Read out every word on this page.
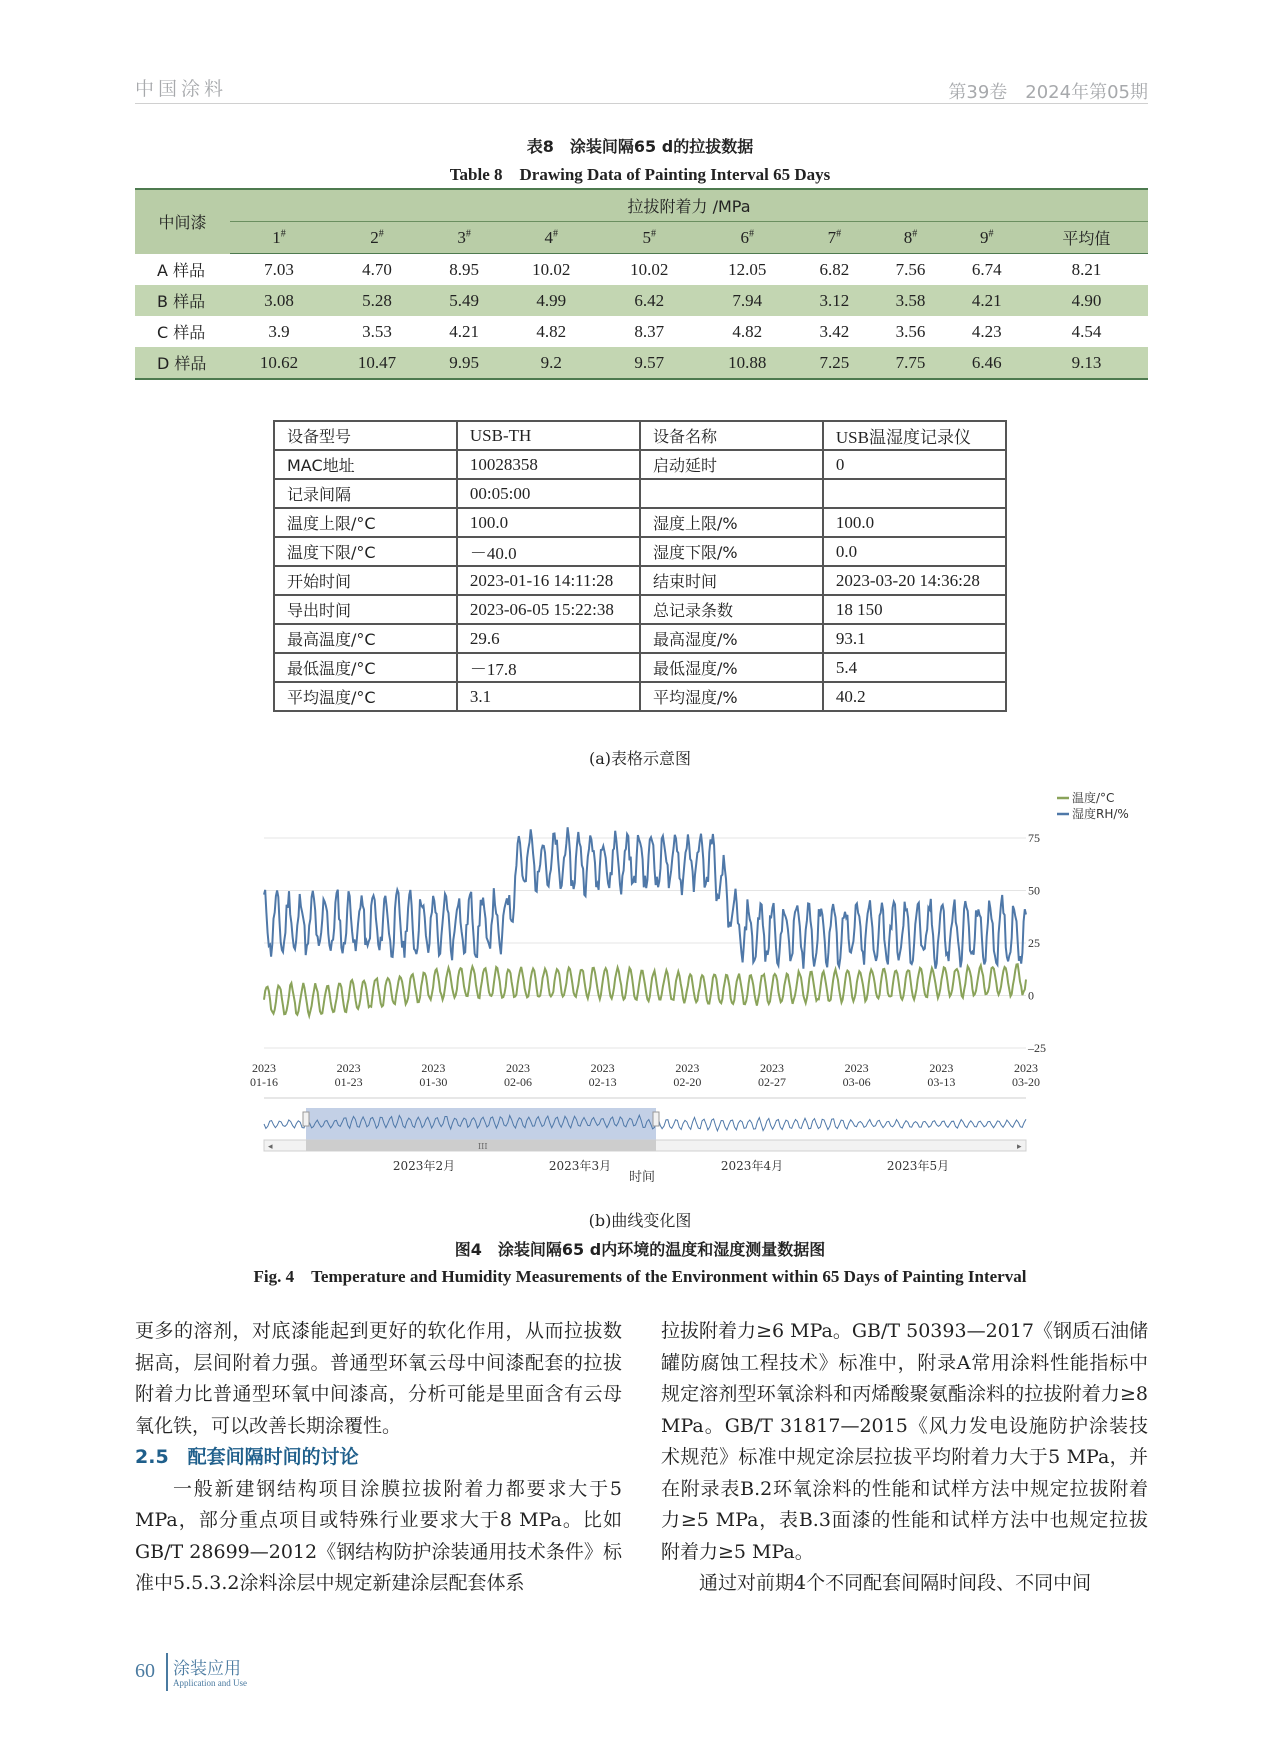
中国涂料	第39卷 2024年第05期
表8　涂装间隔65 d的拉拔数据
Table 8　Drawing Data of Painting Interval 65 Days
中间漆	拉拔附着力 /MPa									
	1#	2#	3#	4#	5#	6#	7#	8#	9#	平均值
A 样品	7.03	4.70	8.95	10.02	10.02	12.05	6.82	7.56	6.74	8.21
B 样品	3.08	5.28	5.49	4.99	6.42	7.94	3.12	3.58	4.21	4.90
C 样品	3.9	3.53	4.21	4.82	8.37	4.82	3.42	3.56	4.23	4.54
D 样品	10.62	10.47	9.95	9.2	9.57	10.88	7.25	7.75	6.46	9.13
设备型号	USB-TH	设备名称	USB温湿度记录仪
MAC地址	10028358	启动延时	0
记录间隔	00:05:00		
温度上限/°C	100.0	湿度上限/%	100.0
温度下限/°C	－40.0	湿度下限/%	0.0
开始时间	2023-01-16 14:11:28	结束时间	2023-03-20 14:36:28
导出时间	2023-06-05 15:22:38	总记录条数	18 150
最高温度/°C	29.6	最高湿度/%	93.1
最低温度/°C	－17.8	最低湿度/%	5.4
平均温度/°C	3.1	平均湿度/%	40.2
(a)表格示意图
75
50
25
0
–25
温度/°C
湿度RH/%
2023
01-16
2023
01-23
2023
01-30
2023
02-06
2023
02-13
2023
02-20
2023
02-27
2023
03-06
2023
03-13
2023
03-20
◂	▸
III
2023年2月	2023年3月	2023年4月	2023年5月
时间
(b)曲线变化图
图4　涂装间隔65 d内环境的温度和湿度测量数据图
Fig. 4　Temperature and Humidity Measurements of the Environment within 65 Days of Painting Interval

更多的溶剂，对底漆能起到更好的软化作用，从而拉拔数据高，层间附着力强。普通型环氧云母中间漆配套的拉拔附着力比普通型环氧中间漆高，分析可能是里面含有云母氧化铁，可以改善长期涂覆性。

2.5　配套间隔时间的讨论

一般新建钢结构项目涂膜拉拔附着力都要求大于5 MPa，部分重点项目或特殊行业要求大于8 MPa。比如GB/T 28699—2012《钢结构防护涂装通用技术条件》标准中5.5.3.2涂料涂层中规定新建涂层配套体系

拉拔附着力≥6 MPa。GB/T 50393—2017《钢质石油储罐防腐蚀工程技术》标准中，附录A常用涂料性能指标中规定溶剂型环氧涂料和丙烯酸聚氨酯涂料的拉拔附着力≥8 MPa。GB/T 31817—2015《风力发电设施防护涂装技术规范》标准中规定涂层拉拔平均附着力大于5 MPa，并在附录表B.2环氧涂料的性能和试样方法中规定拉拔附着力≥5 MPa，表B.3面漆的性能和试样方法中也规定拉拔附着力≥5 MPa。

通过对前期4个不同配套间隔时间段、不同中间

60 涂装应用
Application and Use
